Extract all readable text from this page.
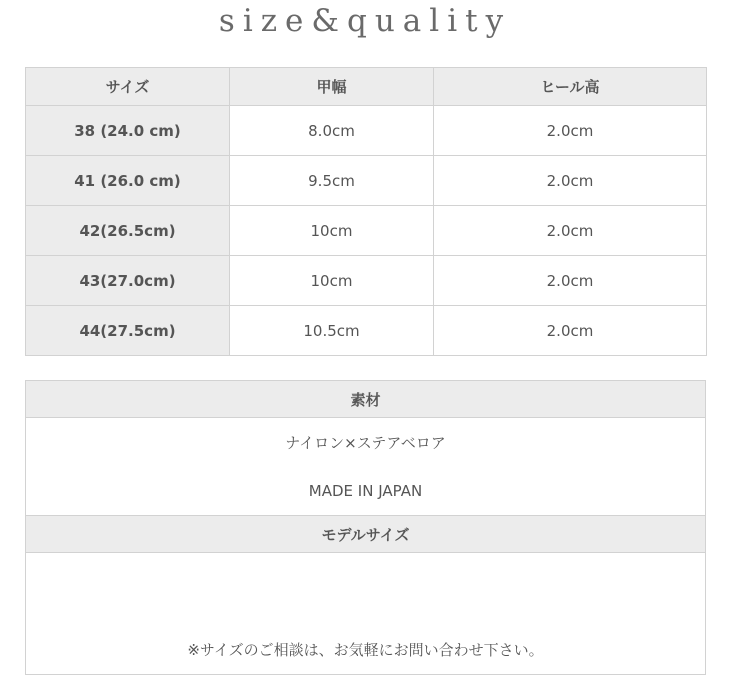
size&quality
サイズ	甲幅	ヒール高
38 (24.0 cm)	8.0cm	2.0cm
41 (26.0 cm)	9.5cm	2.0cm
42(26.5cm)	10cm	2.0cm
43(27.0cm)	10cm	2.0cm
44(27.5cm)	10.5cm	2.0cm
素材

ナイロン×ステアベロア
MADE IN JAPAN

モデルサイズ

※サイズのご相談は、お気軽にお問い合わせ下さい。
